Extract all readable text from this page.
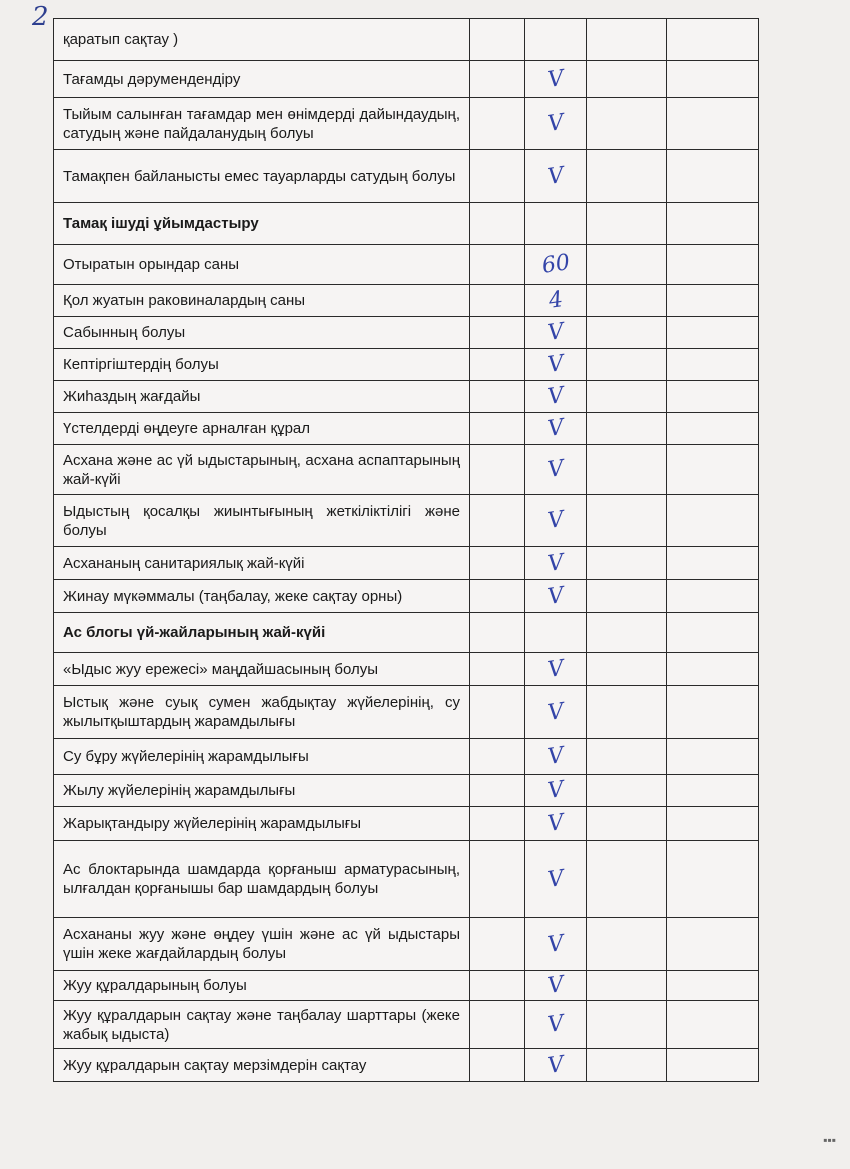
2
қаратып сақтау )				
Тағамды дәрумендендіру		V		
Тыйым салынған тағамдар мен өнімдерді дайындаудың, сатудың және пайдаланудың болуы		V		
Тамақпен байланысты емес тауарларды сатудың болуы		V		
Тамақ ішуді ұйымдастыру				
Отыратын орындар саны		60		
Қол жуатын раковиналардың саны		4		
Сабынның болуы		V		
Кептіргіштердің болуы		V		
Жиһаздың жағдайы		V		
Үстелдерді өңдеуге арналған құрал		V		
Асхана және ас үй ыдыстарының, асхана аспаптарының жай-күйі		V		
Ыдыстың қосалқы жиынтығының жеткіліктілігі және болуы		V		
Асхананың санитариялық жай-күйі		V		
Жинау мүкәммалы (таңбалау, жеке сақтау орны)		V		
Ас блогы үй-жайларының жай-күйі				
«Ыдыс жуу ережесі» маңдайшасының болуы		V		
Ыстық және суық сумен жабдықтау жүйелерінің, су жылытқыштардың жарамдылығы		V		
Су бұру жүйелерінің жарамдылығы		V		
Жылу жүйелерінің жарамдылығы		V		
Жарықтандыру жүйелерінің жарамдылығы		V		
Ас блоктарында шамдарда қорғаныш арматурасының, ылғалдан қорғанышы бар шамдардың болуы		V		
Асхананы жуу және өңдеу үшін және ас үй ыдыстары үшін жеке жағдайлардың болуы		V		
Жуу құралдарының болуы		V		
Жуу құралдарын сақтау және таңбалау шарттары (жеке жабық ыдыста)		V		
Жуу құралдарын сақтау мерзімдерін сақтау		V		
▪▪▪
